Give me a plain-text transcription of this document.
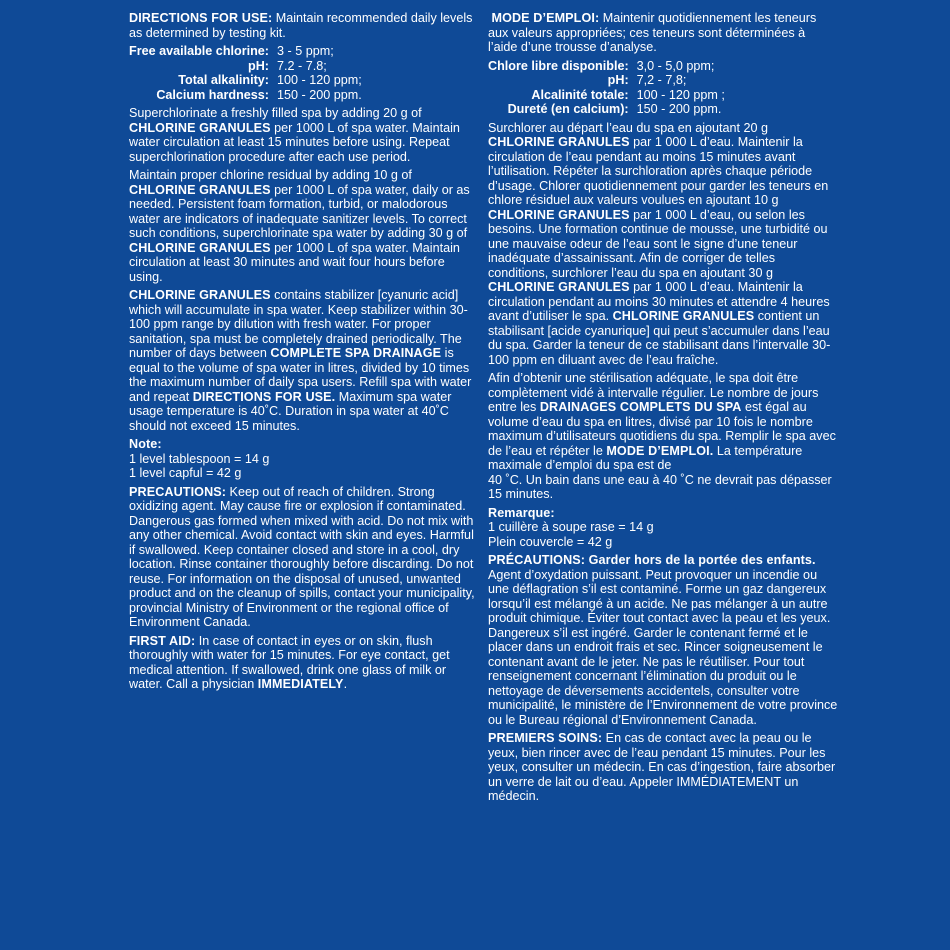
DIRECTIONS FOR USE: Maintain recommended daily levels as determined by testing kit.

Free available chlorine:	3 - 5 ppm;
pH:	7.2 - 7.8;
Total alkalinity:	100 - 120 ppm;
Calcium hardness:	150 - 200 ppm.

Superchlorinate a freshly filled spa by adding 20 g of CHLORINE GRANULES per 1000 L of spa water. Maintain water circulation at least 15 minutes before using. Repeat superchlorination procedure after each use period.

Maintain proper chlorine residual by adding 10 g of CHLORINE GRANULES per 1000 L of spa water, daily or as needed. Persistent foam formation, turbid, or malodorous water are indicators of inadequate sanitizer levels. To correct such conditions, superchlorinate spa water by adding 30 g of CHLORINE GRANULES per 1000 L of spa water. Maintain circulation at least 30 minutes and wait four hours before using.

CHLORINE GRANULES contains stabilizer [cyanuric acid] which will accumulate in spa water. Keep stabilizer within 30-100 ppm range by dilution with fresh water. For proper sanitation, spa must be completely drained periodically. The number of days between COMPLETE SPA DRAINAGE is equal to the volume of spa water in litres, divided by 10 times the maximum number of daily spa users. Refill spa with water and repeat DIRECTIONS FOR USE. Maximum spa water usage temperature is 40˚C. Duration in spa water at 40˚C should not exceed 15 minutes.

Note:
1 level tablespoon = 14 g
1 level capful = 42 g

PRECAUTIONS: Keep out of reach of children. Strong oxidizing agent. May cause fire or explosion if contaminated. Dangerous gas formed when mixed with acid. Do not mix with any other chemical. Avoid contact with skin and eyes. Harmful if swallowed. Keep container closed and store in a cool, dry location. Rinse container thoroughly before discarding. Do not reuse. For information on the disposal of unused, unwanted product and on the cleanup of spills, contact your municipality, provincial Ministry of Environment or the regional office of Environment Canada.

FIRST AID: In case of contact in eyes or on skin, flush thoroughly with water for 15 minutes. For eye contact, get medical attention. If swallowed, drink one glass of milk or water. Call a physician IMMEDIATELY.

MODE D’EMPLOI: Maintenir quotidiennement les teneurs aux valeurs appropriées; ces teneurs sont déterminées à l’aide d’une trousse d’analyse.

Chlore libre disponible:	3,0 - 5,0 ppm;
pH:	7,2 - 7,8;
Alcalinité totale:	100 - 120 ppm ;
Dureté (en calcium):	150 - 200 ppm.

Surchlorer au départ l’eau du spa en ajoutant 20 g CHLORINE GRANULES par 1 000 L d’eau. Maintenir la circulation de l’eau pendant au moins 15 minutes avant l’utilisation. Répéter la surchloration après chaque période d’usage. Chlorer quotidiennement pour garder les teneurs en chlore résiduel aux valeurs voulues en ajoutant 10 g CHLORINE GRANULES par 1 000 L d’eau, ou selon les besoins. Une formation continue de mousse, une turbidité ou une mauvaise odeur de l’eau sont le signe d’une teneur inadéquate d’assainissant. Afin de corriger de telles conditions, surchlorer l’eau du spa en ajoutant 30 g CHLORINE GRANULES par 1 000 L d’eau. Maintenir la circulation pendant au moins 30 minutes et attendre 4 heures avant d’utiliser le spa. CHLORINE GRANULES contient un stabilisant [acide cyanurique] qui peut s’accumuler dans l’eau du spa. Garder la teneur de ce stabilisant dans l’intervalle 30-100 ppm en diluant avec de l’eau fraîche.

Afin d’obtenir une stérilisation adéquate, le spa doit être complètement vidé à intervalle régulier. Le nombre de jours entre les DRAINAGES COMPLETS DU SPA est égal au volume d’eau du spa en litres, divisé par 10 fois le nombre maximum d’utilisateurs quotidiens du spa. Remplir le spa avec de l’eau et répéter le MODE D’EMPLOI. La température maximale d’emploi du spa est de
40 ˚C. Un bain dans une eau à 40 ˚C ne devrait pas dépasser 15 minutes.

Remarque:
1 cuillère à soupe rase = 14 g
Plein couvercle = 42 g

PRÉCAUTIONS: Garder hors de la portée des enfants. Agent d’oxydation puissant. Peut provoquer un incendie ou une déflagration s’il est contaminé. Forme un gaz dangereux lorsqu’il est mélangé à un acide. Ne pas mélanger à un autre produit chimique. Éviter tout contact avec la peau et les yeux. Dangereux s’il est ingéré. Garder le contenant fermé et le placer dans un endroit frais et sec. Rincer soigneusement le contenant avant de le jeter. Ne pas le réutiliser. Pour tout renseignement concernant l’élimination du produit ou le nettoyage de déversements accidentels, consulter votre municipalité, le ministère de l’Environnement de votre province ou le Bureau régional d’Environnement Canada.

PREMIERS SOINS: En cas de contact avec la peau ou le yeux, bien rincer avec de l’eau pendant 15 minutes. Pour les yeux, consulter un médecin. En cas d’ingestion, faire absorber un verre de lait ou d’eau. Appeler IMMÉDIATEMENT un médecin.
